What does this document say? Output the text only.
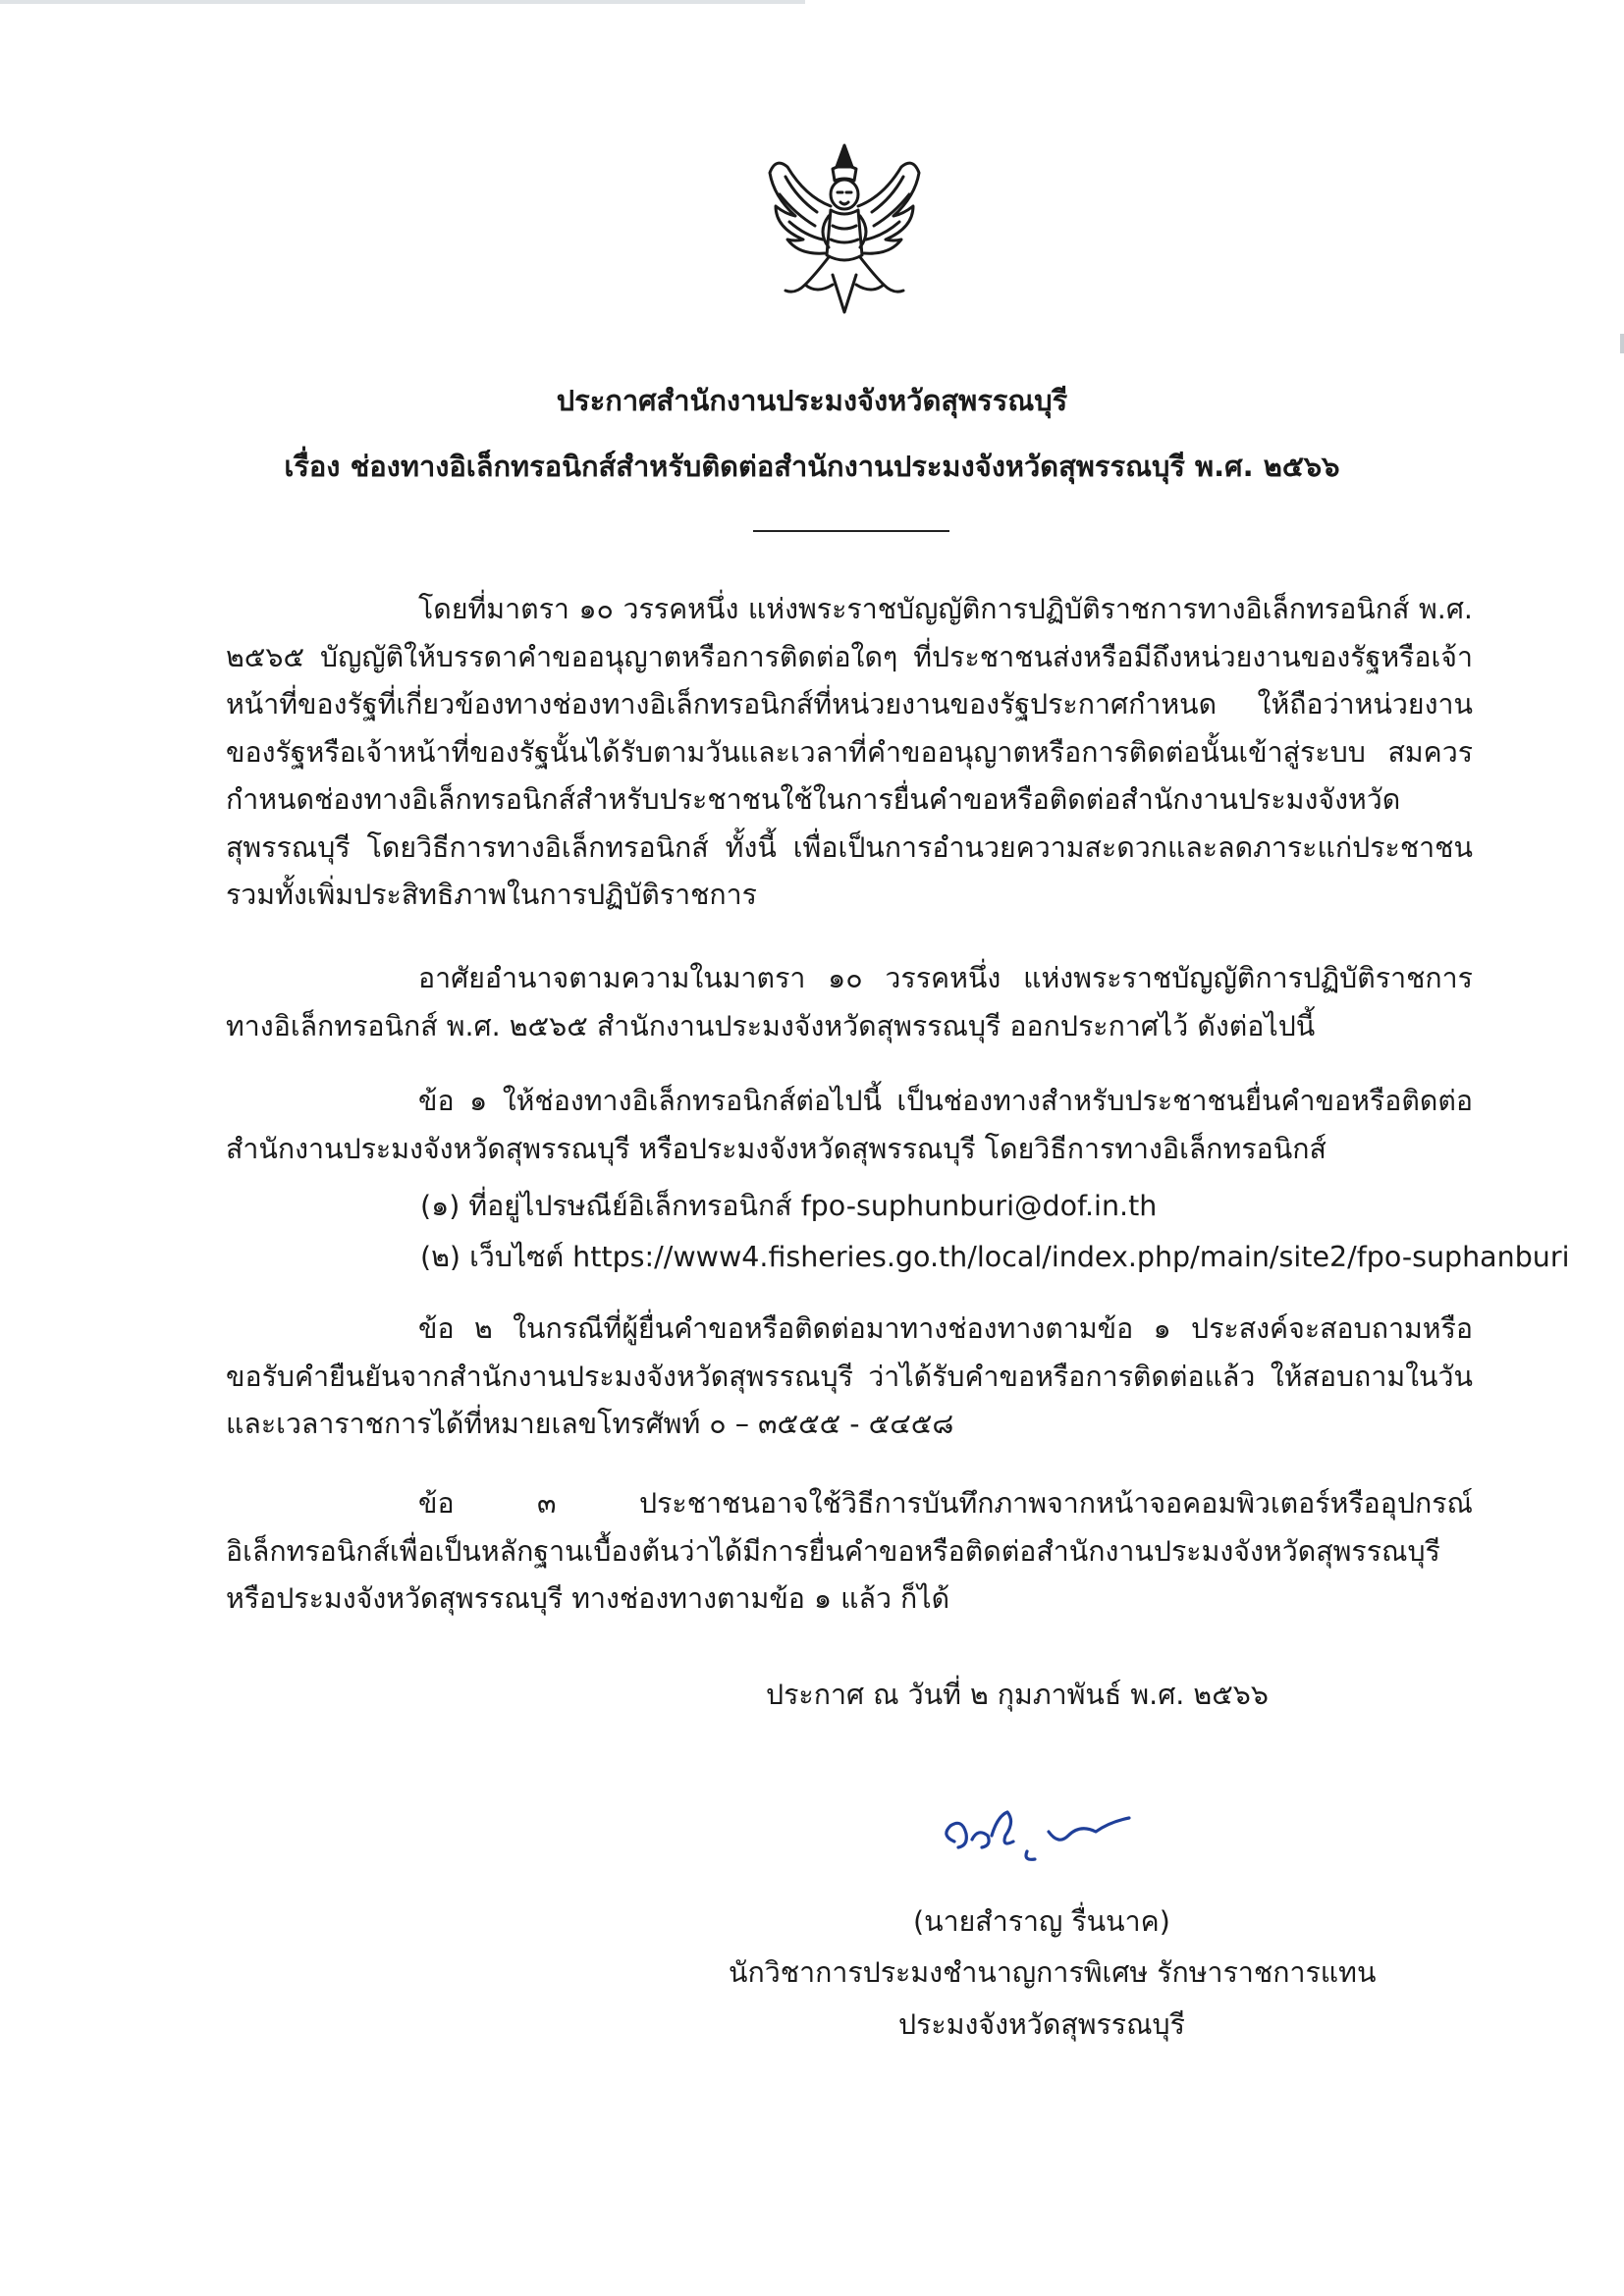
ประกาศสำนักงานประมงจังหวัดสุพรรณบุรี
เรื่อง ช่องทางอิเล็กทรอนิกส์สำหรับติดต่อสำนักงานประมงจังหวัดสุพรรณบุรี พ.ศ. ๒๕๖๖
โดยที่มาตรา ๑๐ วรรคหนึ่ง แห่งพระราชบัญญัติการปฏิบัติราชการทางอิเล็กทรอนิกส์ พ.ศ. ๒๕๖๕ บัญญัติให้บรรดาคำขออนุญาตหรือการติดต่อใดๆ ที่ประชาชนส่งหรือมีถึงหน่วยงานของรัฐหรือเจ้าหน้าที่ของรัฐที่เกี่ยวข้องทางช่องทางอิเล็กทรอนิกส์ที่หน่วยงานของรัฐประกาศกำหนด ให้ถือว่าหน่วยงานของรัฐหรือเจ้าหน้าที่ของรัฐนั้นได้รับตามวันและเวลาที่คำขออนุญาตหรือการติดต่อนั้นเข้าสู่ระบบ สมควรกำหนดช่องทางอิเล็กทรอนิกส์สำหรับประชาชนใช้ในการยื่นคำขอหรือติดต่อสำนักงานประมงจังหวัดสุพรรณบุรี โดยวิธีการทางอิเล็กทรอนิกส์ ทั้งนี้ เพื่อเป็นการอำนวยความสะดวกและลดภาระแก่ประชาชน รวมทั้งเพิ่มประสิทธิภาพในการปฏิบัติราชการ
อาศัยอำนาจตามความในมาตรา ๑๐ วรรคหนึ่ง แห่งพระราชบัญญัติการปฏิบัติราชการทางอิเล็กทรอนิกส์ พ.ศ. ๒๕๖๕ สำนักงานประมงจังหวัดสุพรรณบุรี ออกประกาศไว้ ดังต่อไปนี้
ข้อ ๑ ให้ช่องทางอิเล็กทรอนิกส์ต่อไปนี้ เป็นช่องทางสำหรับประชาชนยื่นคำขอหรือติดต่อสำนักงานประมงจังหวัดสุพรรณบุรี หรือประมงจังหวัดสุพรรณบุรี โดยวิธีการทางอิเล็กทรอนิกส์
(๑) ที่อยู่ไปรษณีย์อิเล็กทรอนิกส์ fpo-suphunburi@dof.in.th
(๒) เว็บไซต์ https://www4.fisheries.go.th/local/index.php/main/site2/fpo-suphanburi
ข้อ ๒ ในกรณีที่ผู้ยื่นคำขอหรือติดต่อมาทางช่องทางตามข้อ ๑ ประสงค์จะสอบถามหรือขอรับคำยืนยันจากสำนักงานประมงจังหวัดสุพรรณบุรี ว่าได้รับคำขอหรือการติดต่อแล้ว ให้สอบถามในวันและเวลาราชการได้ที่หมายเลขโทรศัพท์ ๐ – ๓๕๕๕ - ๕๔๕๘
ข้อ ๓ ประชาชนอาจใช้วิธีการบันทึกภาพจากหน้าจอคอมพิวเตอร์หรืออุปกรณ์อิเล็กทรอนิกส์เพื่อเป็นหลักฐานเบื้องต้นว่าได้มีการยื่นคำขอหรือติดต่อสำนักงานประมงจังหวัดสุพรรณบุรี หรือประมงจังหวัดสุพรรณบุรี ทางช่องทางตามข้อ ๑ แล้ว ก็ได้
ประกาศ ณ วันที่ ๒ กุมภาพันธ์ พ.ศ. ๒๕๖๖
(นายสำราญ รื่นนาค)
นักวิชาการประมงชำนาญการพิเศษ รักษาราชการแทน
ประมงจังหวัดสุพรรณบุรี
